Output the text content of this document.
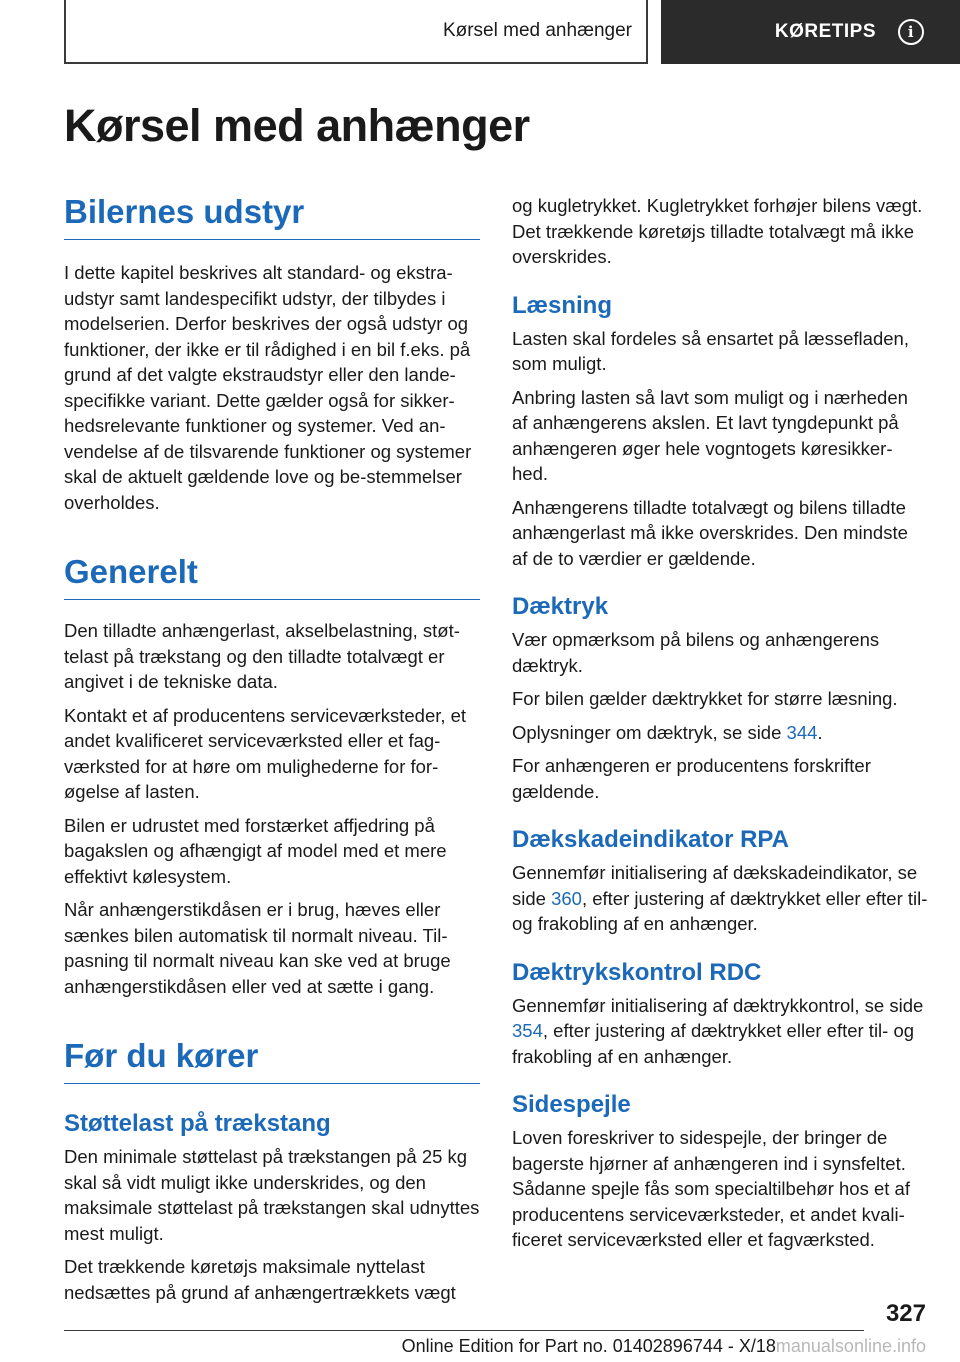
Kørsel med anhænger	KØRETIPS	i
Kørsel med anhænger
Bilernes udstyr

I dette kapitel beskrives alt standard- og ekstra-udstyr samt landespecifikt udstyr, der tilbydes i modelserien. Derfor beskrives der også udstyr og funktioner, der ikke er til rådighed i en bil f.eks. på grund af det valgte ekstraudstyr eller den lande-specifikke variant. Dette gælder også for sikker-hedsrelevante funktioner og systemer. Ved an-vendelse af de tilsvarende funktioner og systemer skal de aktuelt gældende love og be-stemmelser overholdes.

Generelt

Den tilladte anhængerlast, akselbelastning, støt-telast på trækstang og den tilladte totalvægt er angivet i de tekniske data.

Kontakt et af producentens serviceværksteder, et andet kvalificeret serviceværksted eller et fag-værksted for at høre om mulighederne for for-øgelse af lasten.

Bilen er udrustet med forstærket affjedring på bagakslen og afhængigt af model med et mere effektivt kølesystem.

Når anhængerstikdåsen er i brug, hæves eller sænkes bilen automatisk til normalt niveau. Til-pasning til normalt niveau kan ske ved at bruge anhængerstikdåsen eller ved at sætte i gang.

Før du kører
Støttelast på trækstang

Den minimale støttelast på trækstangen på 25 kg skal så vidt muligt ikke underskrides, og den maksimale støttelast på trækstangen skal udnyttes mest muligt.

Det trækkende køretøjs maksimale nyttelast nedsættes på grund af anhængertrækkets vægt

og kugletrykket. Kugletrykket forhøjer bilens vægt. Det trækkende køretøjs tilladte totalvægt må ikke overskrides.

Læsning

Lasten skal fordeles så ensartet på læssefladen, som muligt.

Anbring lasten så lavt som muligt og i nærheden af anhængerens akslen. Et lavt tyngdepunkt på anhængeren øger hele vogntogets køresikker-hed.

Anhængerens tilladte totalvægt og bilens tilladte anhængerlast må ikke overskrides. Den mindste af de to værdier er gældende.

Dæktryk

Vær opmærksom på bilens og anhængerens dæktryk.

For bilen gælder dæktrykket for større læsning.

Oplysninger om dæktryk, se side 344.

For anhængeren er producentens forskrifter gældende.

Dækskadeindikator RPA

Gennemfør initialisering af dækskadeindikator, se side 360, efter justering af dæktrykket eller efter til- og frakobling af en anhænger.

Dæktrykskontrol RDC

Gennemfør initialisering af dæktrykkontrol, se side 354, efter justering af dæktrykket eller efter til- og frakobling af en anhænger.

Sidespejle

Loven foreskriver to sidespejle, der bringer de bagerste hjørner af anhængeren ind i synsfeltet. Sådanne spejle fås som specialtilbehør hos et af producentens serviceværksteder, et andet kvali-ficeret serviceværksted eller et fagværksted.

327
Online Edition for Part no. 01402896744 - X/18manualsonline.info
